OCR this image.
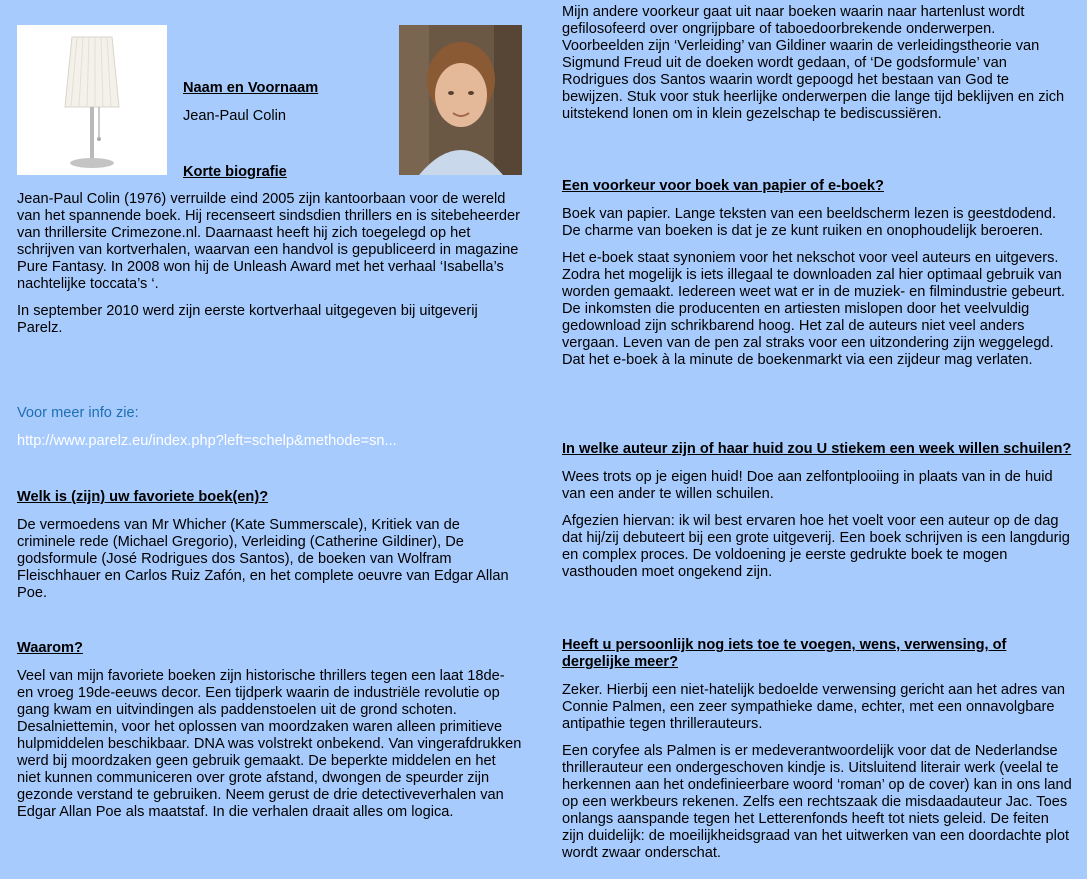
Naam en Voornaam

Jean-Paul Colin

Korte biografie

Jean-Paul Colin (1976) verruilde eind 2005 zijn kantoorbaan voor de wereld van het spannende boek. Hij recenseert sindsdien thrillers en is sitebeheerder van thrillersite Crimezone.nl. Daarnaast heeft hij zich toegelegd op het schrijven van kortverhalen, waarvan een handvol is gepubliceerd in magazine Pure Fantasy. In 2008 won hij de Unleash Award met het verhaal ‘Isabella’s nachtelijke toccata’s ‘.

In september 2010 werd zijn eerste kortverhaal uitgegeven bij uitgeverij Parelz.

Voor meer info zie:

http://www.parelz.eu/index.php?left=schelp&methode=sn...

Welk is (zijn) uw favoriete boek(en)?

De vermoedens van Mr Whicher (Kate Summerscale), Kritiek van de criminele rede (Michael Gregorio), Verleiding (Catherine Gildiner), De godsformule (José Rodrigues dos Santos), de boeken van Wolfram Fleischhauer en Carlos Ruiz Zafón, en het complete oeuvre van Edgar Allan Poe.

Waarom?

Veel van mijn favoriete boeken zijn historische thrillers tegen een laat 18de- en vroeg 19de-eeuws decor. Een tijdperk waarin de industriële revolutie op gang kwam en uitvindingen als paddenstoelen uit de grond schoten. Desalniettemin, voor het oplossen van moordzaken waren alleen primitieve hulpmiddelen beschikbaar. DNA was volstrekt onbekend. Van vingerafdrukken werd bij moordzaken geen gebruik gemaakt. De beperkte middelen en het niet kunnen communiceren over grote afstand, dwongen de speurder zijn gezonde verstand te gebruiken. Neem gerust de drie detectiveverhalen van Edgar Allan Poe als maatstaf. In die verhalen draait alles om logica.

Mijn andere voorkeur gaat uit naar boeken waarin naar hartenlust wordt gefilosofeerd over ongrijpbare of taboedoorbrekende onderwerpen. Voorbeelden zijn ‘Verleiding’ van Gildiner waarin de verleidingstheorie van Sigmund Freud uit de doeken wordt gedaan, of ‘De godsformule’ van Rodrigues dos Santos waarin wordt gepoogd het bestaan van God te bewijzen. Stuk voor stuk heerlijke onderwerpen die lange tijd beklijven en zich uitstekend lonen om in klein gezelschap te bediscussiëren.

Een voorkeur voor boek van papier of e-boek?

Boek van papier. Lange teksten van een beeldscherm lezen is geestdodend. De charme van boeken is dat je ze kunt ruiken en onophoudelijk beroeren.

Het e-boek staat synoniem voor het nekschot voor veel auteurs en uitgevers. Zodra het mogelijk is iets illegaal te downloaden zal hier optimaal gebruik van worden gemaakt. Iedereen weet wat er in de muziek- en filmindustrie gebeurt. De inkomsten die producenten en artiesten mislopen door het veelvuldig gedownload zijn schrikbarend hoog. Het zal de auteurs niet veel anders vergaan. Leven van de pen zal straks voor een uitzondering zijn weggelegd. Dat het e-boek à la minute de boekenmarkt via een zijdeur mag verlaten.

In welke auteur zijn of haar huid zou U stiekem een week willen schuilen?

Wees trots op je eigen huid! Doe aan zelfontplooiing in plaats van in de huid van een ander te willen schuilen.

Afgezien hiervan: ik wil best ervaren hoe het voelt voor een auteur op de dag dat hij/zij debuteert bij een grote uitgeverij. Een boek schrijven is een langdurig en complex proces. De voldoening je eerste gedrukte boek te mogen vasthouden moet ongekend zijn.

Heeft u persoonlijk nog iets toe te voegen, wens, verwensing, of dergelijke meer?

Zeker. Hierbij een niet-hatelijk bedoelde verwensing gericht aan het adres van Connie Palmen, een zeer sympathieke dame, echter, met een onnavolgbare antipathie tegen thrillerauteurs.

Een coryfee als Palmen is er medeverantwoordelijk voor dat de Nederlandse thrillerauteur een ondergeschoven kindje is. Uitsluitend literair werk (veelal te herkennen aan het ondefinieerbare woord ‘roman’ op de cover) kan in ons land op een werkbeurs rekenen. Zelfs een rechtszaak die misdaadauteur Jac. Toes onlangs aanspande tegen het Letterenfonds heeft tot niets geleid. De feiten zijn duidelijk: de moeilijkheidsgraad van het uitwerken van een doordachte plot wordt zwaar onderschat.
